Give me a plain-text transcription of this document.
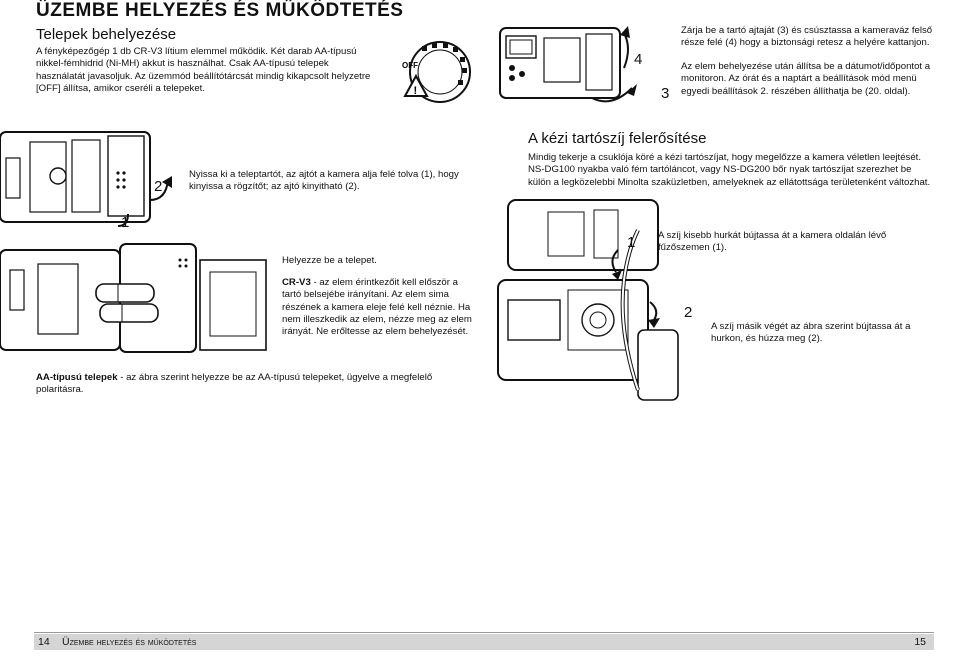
ÜZEMBE HELYEZÉS ÉS MŰKÖDTETÉS
Telepek behelyezése
A fényképezőgép 1 db CR-V3 lítium elemmel működik. Két darab AA-típusú nikkel-fémhidrid (Ni-MH) akkut is használhat. Csak AA-típusú telepek használatát javasoljuk. Az üzemmód beállítótárcsát mindig kikapcsolt helyzetre [OFF] állítsa, amikor cseréli a telepeket.
OFF
!
4
3
Zárja be a tartó ajtaját (3) és csúsztassa a kameraváz felső része felé (4) hogy a biztonsági retesz a helyére kattanjon.
Az elem behelyezése után állítsa be a dátumot/időpontot a monitoron. Az órát és a naptárt a beállítások mód menü egyedi beállítások 2. részében állíthatja be (20. oldal).
2
1
Nyissa ki a teleptartót, az ajtót a kamera alja felé tolva (1), hogy kinyissa a rögzítőt; az ajtó kinyitható (2).
Helyezze be a telepet.
CR-V3 - az elem érintkezőit kell először a tartó belsejébe irányítani. Az elem sima részének a kamera eleje felé kell néznie. Ha nem illeszkedik az elem, nézze meg az elem irányát. Ne erőltesse az elem behelyezését.
AA-típusú telepek - az ábra szerint helyezze be az AA-típusú telepeket, ügyelve a megfelelő polaritásra.
A kézi tartószíj felerősítése
Mindig tekerje a csuklója köré a kézi tartószíjat, hogy megelőzze a kamera véletlen leejtését. NS-DG100 nyakba való fém tartóláncot, vagy NS-DG200 bőr nyak tartószíjat szerezhet be külön a legközelebbi Minolta szaküzletben, amelyeknek az ellátottsága területenként változhat.
1
2
A szíj kisebb hurkát bújtassa át a kamera oldalán lévő fűzőszemen (1).
A szíj másik végét az ábra szerint bújtassa át a hurkon, és húzza meg (2).
14 Üzembe helyezés és működtetés	15
